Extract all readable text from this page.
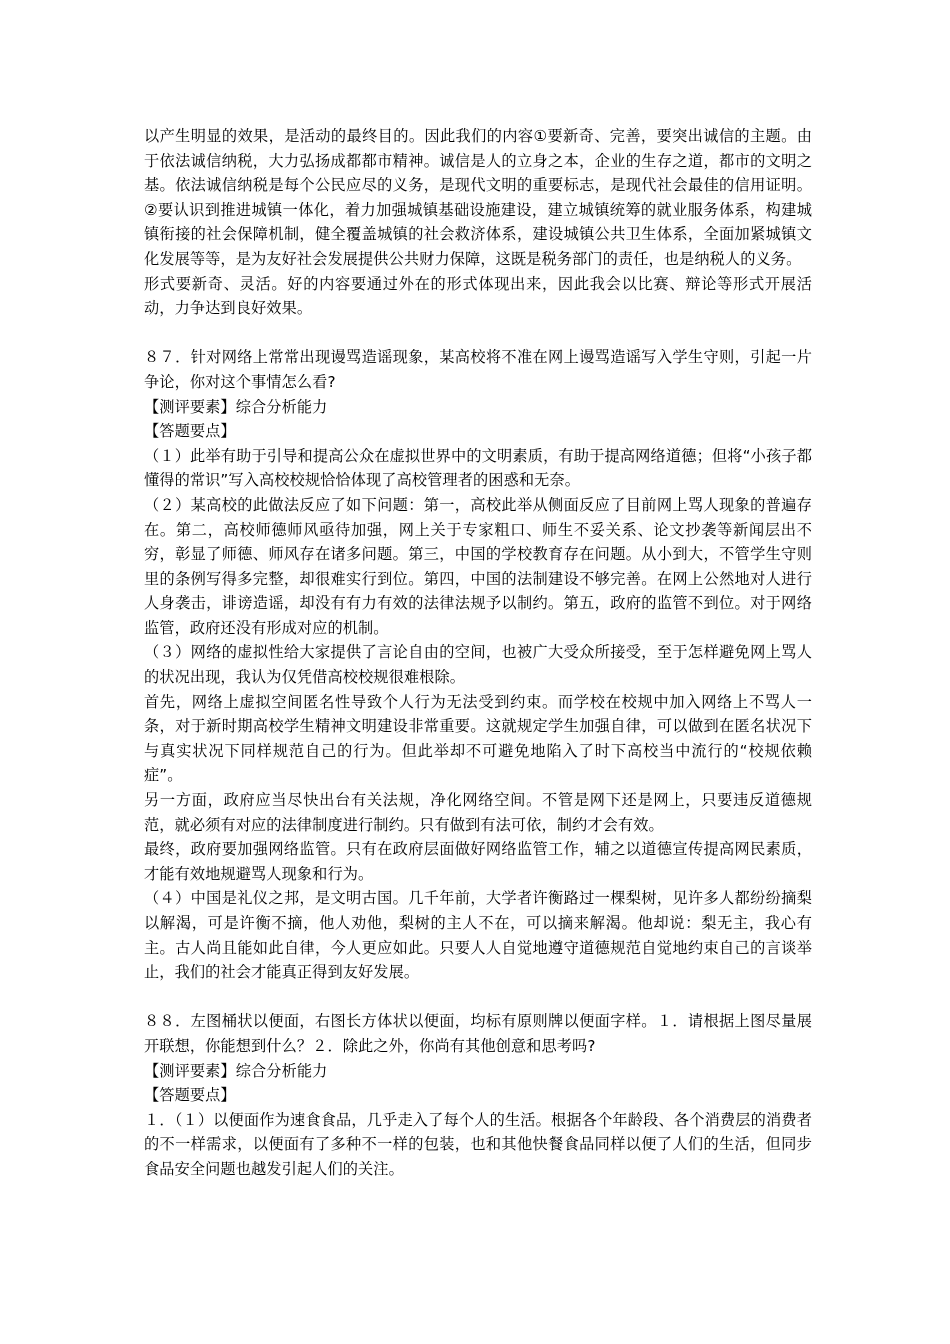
以产生明显的效果，是活动的最终目的。因此我们的内容①要新奇、完善，要突出诚信的主题。由于依法诚信纳税，大力弘扬成都都市精神。诚信是人的立身之本，企业的生存之道，都市的文明之基。依法诚信纳税是每个公民应尽的义务，是现代文明的重要标志，是现代社会最佳的信用证明。②要认识到推进城镇一体化，着力加强城镇基础设施建设，建立城镇统筹的就业服务体系，构建城镇衔接的社会保障机制，健全覆盖城镇的社会救济体系，建设城镇公共卫生体系，全面加紧城镇文化发展等等，是为友好社会发展提供公共财力保障，这既是税务部门的责任，也是纳税人的义务。
形式要新奇、灵活。好的内容要通过外在的形式体现出来，因此我会以比赛、辩论等形式开展活动，力争达到良好效果。
８７．针对网络上常常出现谩骂造谣现象，某高校将不准在网上谩骂造谣写入学生守则，引起一片争论，你对这个事情怎么看?
【测评要素】综合分析能力
【答题要点】
（１）此举有助于引导和提高公众在虚拟世界中的文明素质，有助于提高网络道德；但将“小孩子都懂得的常识”写入高校校规恰恰体现了高校管理者的困惑和无奈。
（２）某高校的此做法反应了如下问题：第一，高校此举从侧面反应了目前网上骂人现象的普遍存在。第二，高校师德师风亟待加强，网上关于专家粗口、师生不妥关系、论文抄袭等新闻层出不穷，彰显了师德、师风存在诸多问题。第三，中国的学校教育存在问题。从小到大，不管学生守则里的条例写得多完整，却很难实行到位。第四，中国的法制建设不够完善。在网上公然地对人进行人身袭击，诽谤造谣，却没有有力有效的法律法规予以制约。第五，政府的监管不到位。对于网络监管，政府还没有形成对应的机制。
（３）网络的虚拟性给大家提供了言论自由的空间，也被广大受众所接受，至于怎样避免网上骂人的状况出现，我认为仅凭借高校校规很难根除。
首先，网络上虚拟空间匿名性导致个人行为无法受到约束。而学校在校规中加入网络上不骂人一条，对于新时期高校学生精神文明建设非常重要。这就规定学生加强自律，可以做到在匿名状况下与真实状况下同样规范自己的行为。但此举却不可避免地陷入了时下高校当中流行的“校规依赖症”。
另一方面，政府应当尽快出台有关法规，净化网络空间。不管是网下还是网上，只要违反道德规范，就必须有对应的法律制度进行制约。只有做到有法可依，制约才会有效。
最终，政府要加强网络监管。只有在政府层面做好网络监管工作，辅之以道德宣传提高网民素质，才能有效地规避骂人现象和行为。
（４）中国是礼仪之邦，是文明古国。几千年前，大学者许衡路过一棵梨树，见许多人都纷纷摘梨以解渴，可是许衡不摘，他人劝他，梨树的主人不在，可以摘来解渴。他却说：梨无主，我心有主。古人尚且能如此自律，今人更应如此。只要人人自觉地遵守道德规范自觉地约束自己的言谈举止，我们的社会才能真正得到友好发展。
８８．左图桶状以便面，右图长方体状以便面，均标有原则牌以便面字样。１．请根据上图尽量展开联想，你能想到什么？２．除此之外，你尚有其他创意和思考吗?
【测评要素】综合分析能力
【答题要点】
１．（１）以便面作为速食食品，几乎走入了每个人的生活。根据各个年龄段、各个消费层的消费者的不一样需求，以便面有了多种不一样的包装，也和其他快餐食品同样以便了人们的生活，但同步食品安全问题也越发引起人们的关注。
